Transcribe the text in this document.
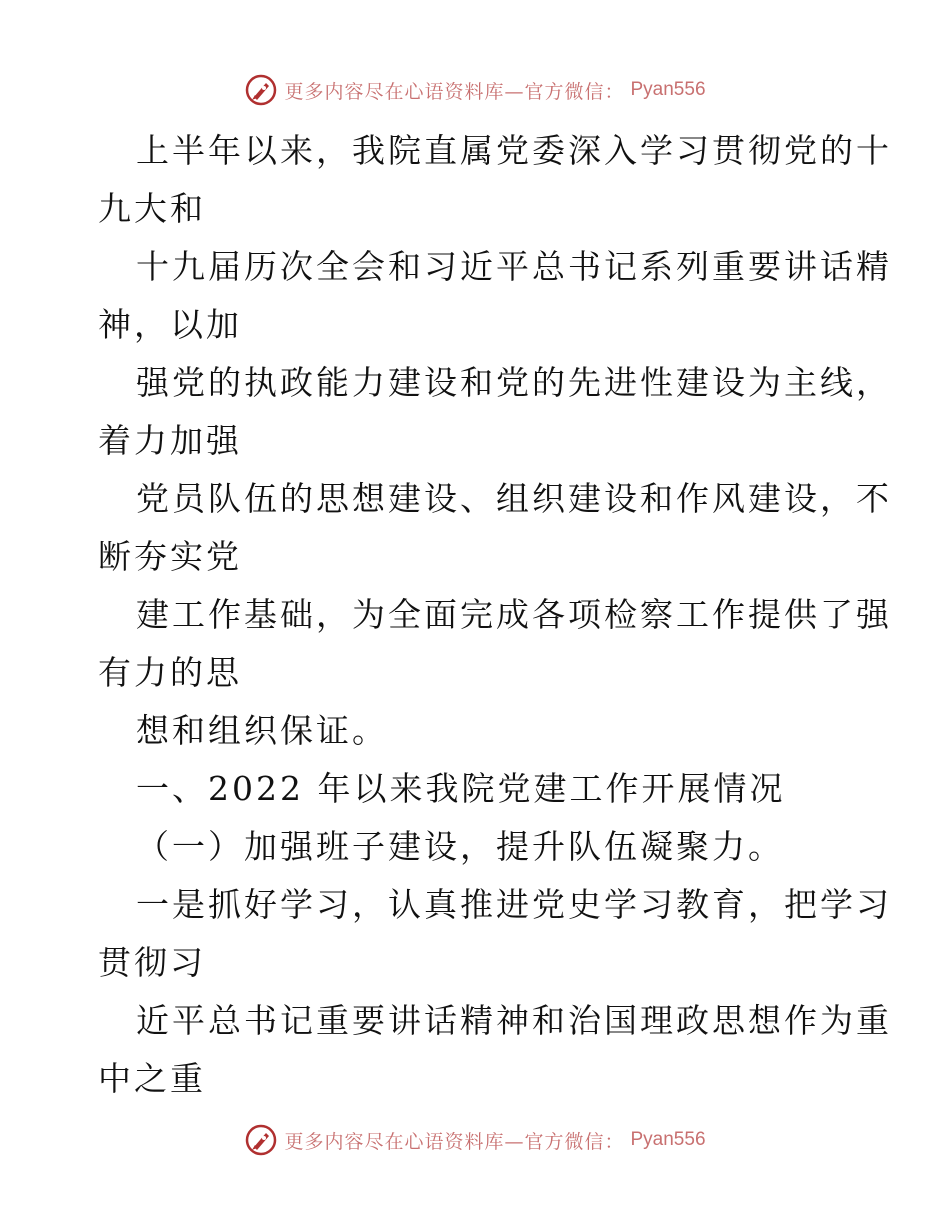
更多内容尽在心语资料库—官方微信： Pyan556
上半年以来，我院直属党委深入学习贯彻党的十
九大和
十九届历次全会和习近平总书记系列重要讲话精
神，以加
强党的执政能力建设和党的先进性建设为主线，
着力加强
党员队伍的思想建设、组织建设和作风建设，不
断夯实党
建工作基础，为全面完成各项检察工作提供了强
有力的思
想和组织保证。
一、2022 年以来我院党建工作开展情况
（一）加强班子建设，提升队伍凝聚力。
一是抓好学习，认真推进党史学习教育，把学习
贯彻习
近平总书记重要讲话精神和治国理政思想作为重
中之重
更多内容尽在心语资料库—官方微信： Pyan556
